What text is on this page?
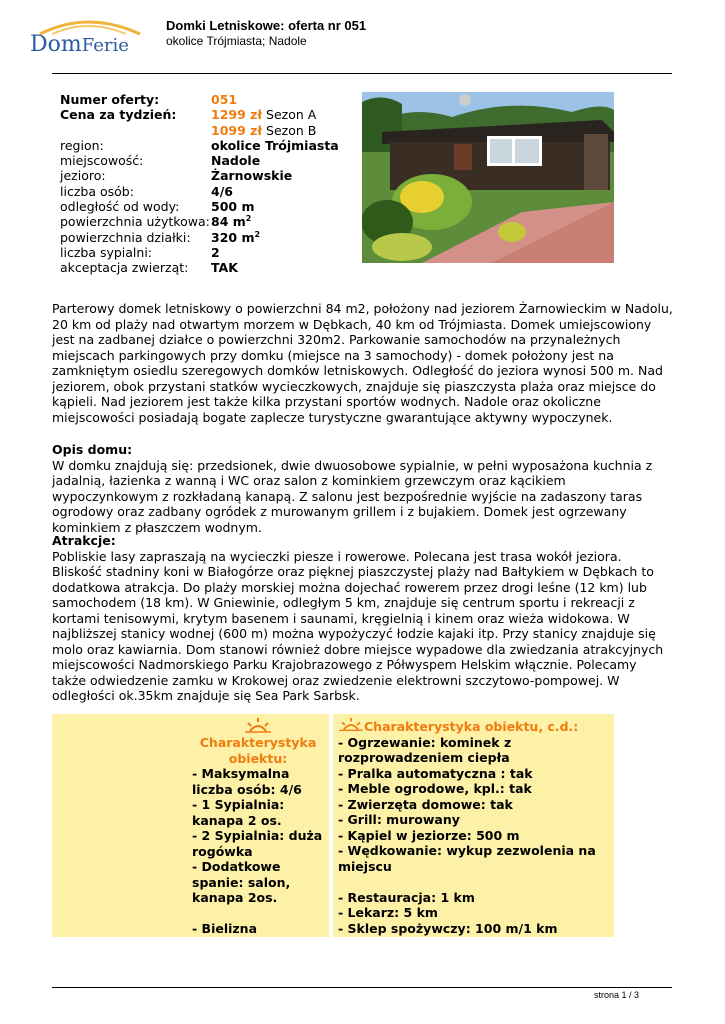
DomFerie
Domki Letniskowe: oferta nr 051
okolice Trójmiasta; Nadole
Numer oferty:	051
Cena za tydzień:	1299 zł Sezon A
	1099 zł Sezon B
region:	okolice Trójmiasta
miejscowość:	Nadole
jezioro:	Żarnowskie
liczba osób:	4/6
odległość od wody:	500 m
powierzchnia użytkowa:	84 $m^2$
powierzchnia działki:	320 $m^2$
liczba sypialni:	2
akceptacja zwierząt:	TAK

Parterowy domek letniskowy o powierzchni 84 m2, położony nad jeziorem Żarnowieckim w Nadolu, 20 km od plaży nad otwartym morzem w Dębkach, 40 km od Trójmiasta. Domek umiejscowiony jest na zadbanej działce o powierzchni 320m2. Parkowanie samochodów na przynależnych miejscach parkingowych przy domku (miejsce na 3 samochody) - domek położony jest na zamkniętym osiedlu szeregowych domków letniskowych. Odległość do jeziora wynosi 500 m. Nad jeziorem, obok przystani statków wycieczkowych, znajduje się piaszczysta plaża oraz miejsce do kąpieli. Nad jeziorem jest także kilka przystani sportów wodnych. Nadole oraz okoliczne miejscowości posiadają bogate zaplecze turystyczne gwarantujące aktywny wypoczynek.

Opis domu:

W domku znajdują się: przedsionek, dwie dwuosobowe sypialnie, w pełni wyposażona kuchnia z jadalnią, łazienka z wanną i WC oraz salon z kominkiem grzewczym oraz kącikiem wypoczynkowym z rozkładaną kanapą. Z salonu jest bezpośrednie wyjście na zadaszony taras ogrodowy oraz zadbany ogródek z murowanym grillem i z bujakiem. Domek jest ogrzewany kominkiem z płaszczem wodnym.

Atrakcje:

Pobliskie lasy zapraszają na wycieczki piesze i rowerowe. Polecana jest trasa wokół jeziora. Bliskość stadniny koni w Białogórze oraz pięknej piaszczystej plaży nad Bałtykiem w Dębkach to dodatkowa atrakcja. Do plaży morskiej można dojechać rowerem przez drogi leśne (12 km) lub samochodem (18 km). W Gniewinie, odległym 5 km, znajduje się centrum sportu i rekreacji z kortami tenisowymi, krytym basenem i saunami, kręgielnią i kinem oraz wieża widokowa. W najbliższej stanicy wodnej (600 m) można wypożyczyć łodzie kajaki itp. Przy stanicy znajduje się molo oraz kawiarnia. Dom stanowi również dobre miejsce wypadowe dla zwiedzania atrakcyjnych miejscowości Nadmorskiego Parku Krajobrazowego z Półwyspem Helskim włącznie. Polecamy także odwiedzenie zamku w Krokowej oraz zwiedzenie elektrowni szczytowo-pompowej. W odległości ok.35km znajduje się Sea Park Sarbsk.

Charakterystyka obiektu:
- Maksymalna liczba osób: 4/6
- 1 Sypialnia: kanapa 2 os.
- 2 Sypialnia: duża rogówka
- Dodatkowe spanie: salon, kanapa 2os.
- Bielizna
Charakterystyka obiektu, c.d.:
- Ogrzewanie: kominek z rozprowadzeniem ciepła
- Pralka automatyczna : tak
- Meble ogrodowe, kpl.: tak
- Zwierzęta domowe: tak
- Grill: murowany
- Kąpiel w jeziorze: 500 m
- Wędkowanie: wykup zezwolenia na miejscu
- Restauracja: 1 km
- Lekarz: 5 km
- Sklep spożywczy: 100 m/1 km
strona 1 / 3
